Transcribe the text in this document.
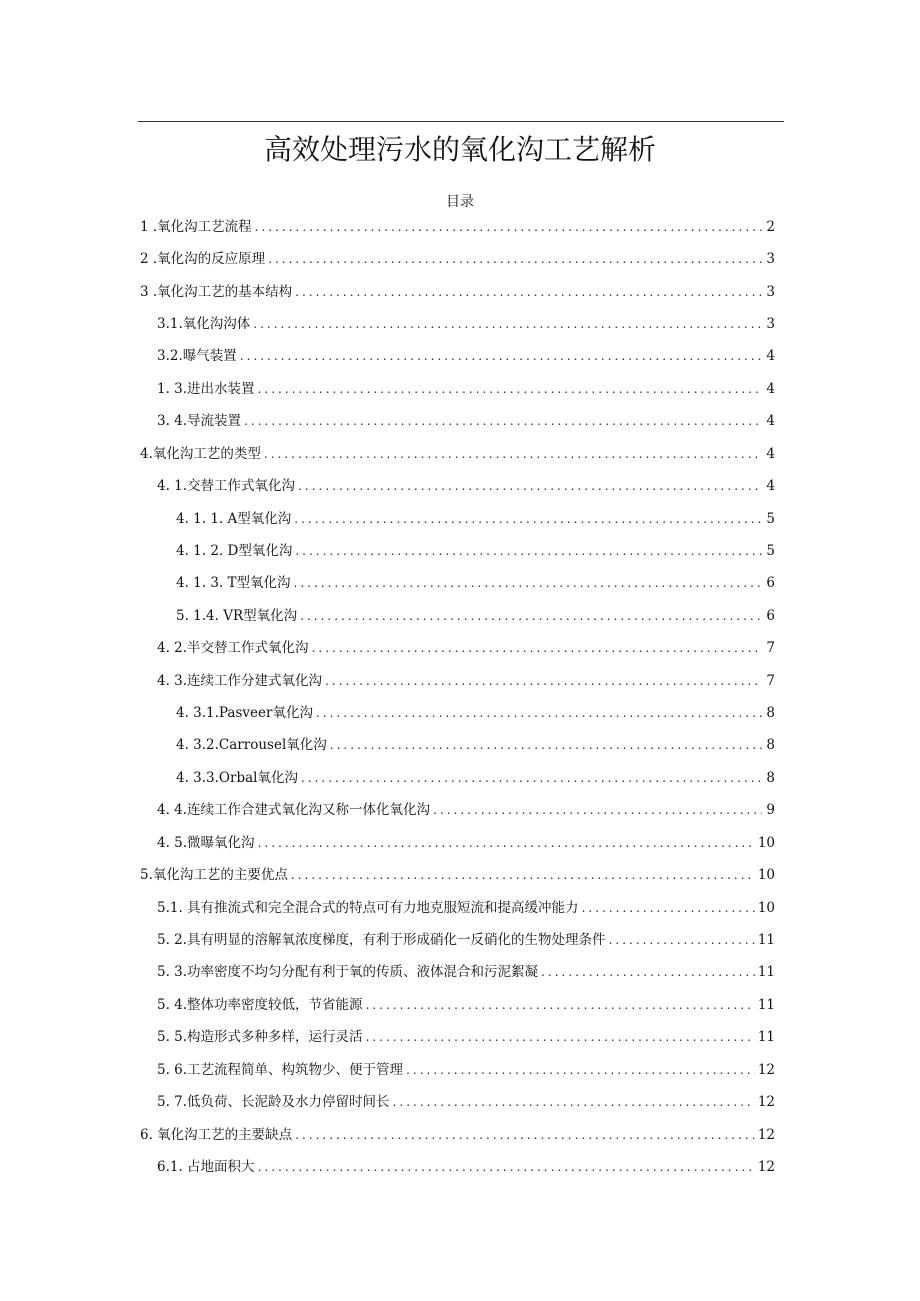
高效处理污水的氧化沟工艺解析
目录
1 .氧化沟工艺流程 .....	2
2 .氧化沟的反应原理 .....	3
3 .氧化沟工艺的基本结构 .....	3
3.1.氧化沟沟体 .....	3
3.2.曝气装置 .....	4
1. 3.进出水装置 .....	4
3. 4.导流装置 .....	4
4.氧化沟工艺的类型 .....	4
4. 1.交替工作式氧化沟 .....	4
4. 1. 1. A型氧化沟 .....	5
4. 1. 2. D型氧化沟 .....	5
4. 1. 3. T型氧化沟 .....	6
5. 1.4. VR型氧化沟 .....	6
4. 2.半交替工作式氧化沟 .....	7
4. 3.连续工作分建式氧化沟 .....	7
4. 3.1.Pasveer氧化沟 .....	8
4. 3.2.Carrousel氧化沟 .....	8
4. 3.3.Orbal氧化沟 .....	8
4. 4.连续工作合建式氧化沟又称一体化氧化沟 .....	9
4. 5.微曝氧化沟 .....	10
5.氧化沟工艺的主要优点 .....	10
5.1. 具有推流式和完全混合式的特点可有力地克服短流和提高缓冲能力 .....	10
5. 2.具有明显的溶解氧浓度梯度，有利于形成硝化一反硝化的生物处理条件 .....	11
5. 3.功率密度不均匀分配有利于氧的传质、液体混合和污泥絮凝 .....	11
5. 4.整体功率密度较低，节省能源 .....	11
5. 5.构造形式多种多样，运行灵活 .....	11
5. 6.工艺流程简单、构筑物少、便于管理 .....	12
5. 7.低负荷、长泥龄及水力停留时间长 .....	12
6. 氧化沟工艺的主要缺点 .....	12
6.1. 占地面积大 .....	12
